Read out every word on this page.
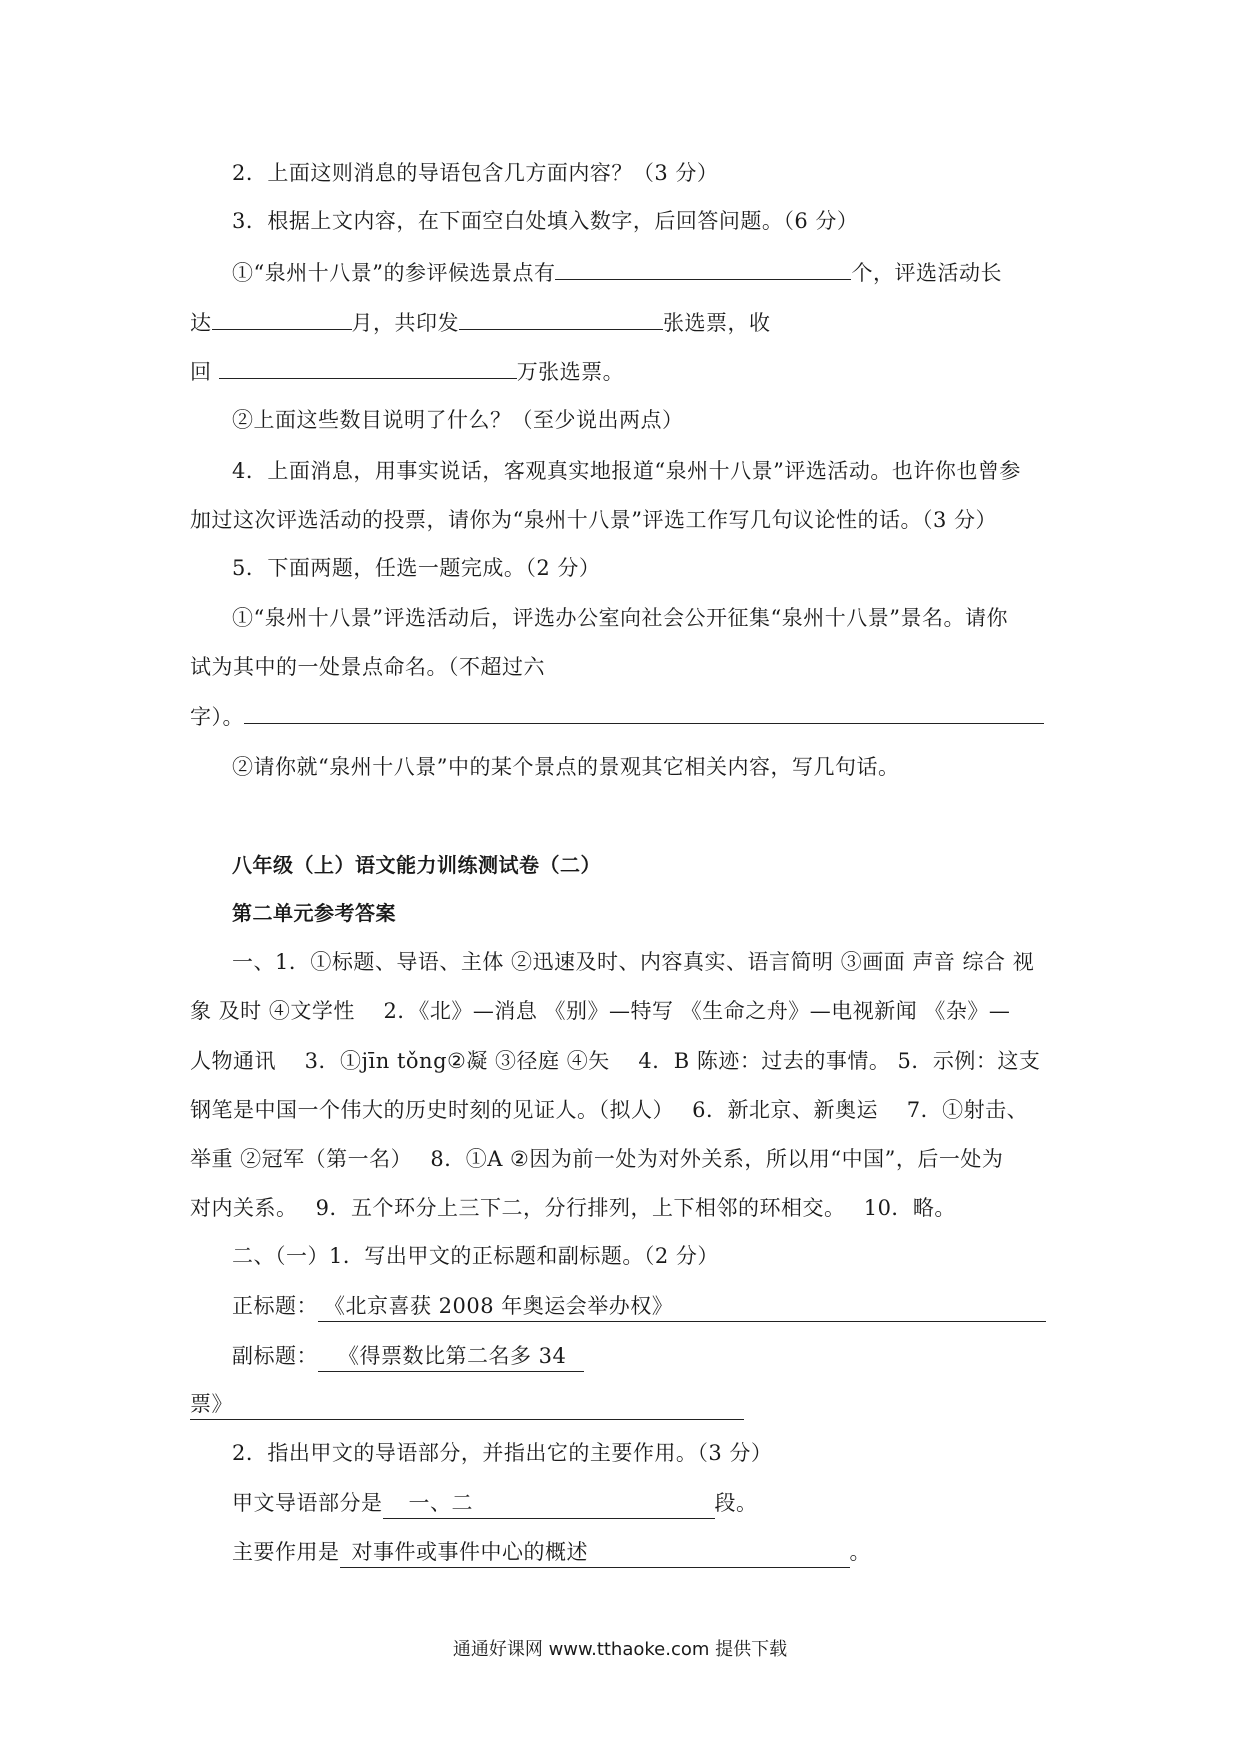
2．上面这则消息的导语包含几方面内容？（3 分）
3．根据上文内容，在下面空白处填入数字，后回答问题。（6 分）
①“泉州十八景”的参评候选景点有	个，评选活动长
达	月，共印发	张选票，收
回	万张选票。
②上面这些数目说明了什么？（至少说出两点）
4．上面消息，用事实说话，客观真实地报道“泉州十八景”评选活动。也许你也曾参
加过这次评选活动的投票，请你为“泉州十八景”评选工作写几句议论性的话。（3 分）
5．下面两题，任选一题完成。（2 分）
①“泉州十八景”评选活动后，评选办公室向社会公开征集“泉州十八景”景名。请你
试为其中的一处景点命名。（不超过六
字）。
②请你就“泉州十八景”中的某个景点的景观其它相关内容，写几句话。
八年级（上）语文能力训练测试卷（二）
第二单元参考答案
一、1．①标题、导语、主体 ②迅速及时、内容真实、语言简明 ③画面 声音 综合 视
象 及时 ④文学性　 2．《北》—消息 《别》—特写 《生命之舟》—电视新闻 《杂》—
人物通讯　 3．①jīn tǒng②凝 ③径庭 ④矢　 4．B 陈迹：过去的事情。 5．示例：这支
钢笔是中国一个伟大的历史时刻的见证人。（拟人）　 6．新北京、新奥运　 7．①射击、
举重 ②冠军（第一名）　 8．①A ②因为前一处为对外关系，所以用“中国”，后一处为
对内关系。　 9．五个环分上三下二，分行排列，上下相邻的环相交。　 10．略。
二、（一）1．写出甲文的正标题和副标题。（2 分）
正标题： 《北京喜获 2008 年奥运会举办权》
副标题： 《得票数比第二名多 34
票》
2．指出甲文的导语部分，并指出它的主要作用。（3 分）
甲文导语部分是 一、二	段。
主要作用是 对事件或事件中心的概述	。
通通好课网 www.tthaoke.com 提供下载
